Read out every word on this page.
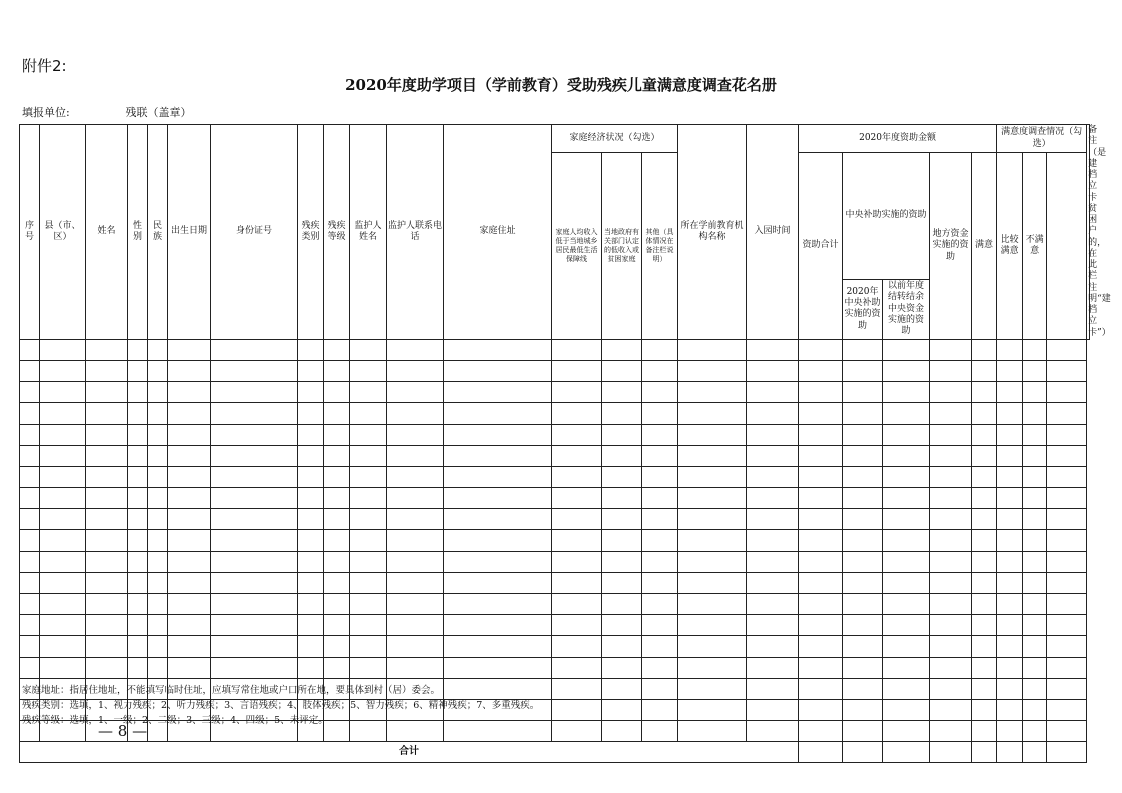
附件2:
2020年度助学项目（学前教育）受助残疾儿童满意度调查花名册
填报单位:	残联（盖章）
序号	县（市、区）	姓名	性别	民族	出生日期	身份证号	残疾类别	残疾等级	监护人姓名	监护人联系电话	家庭住址	家庭经济状况（勾选）			所在学前教育机构名称	入园时间	2020年度资助金额					满意度调查情况（勾选）			备注（是建档立卡贫困户的，在此栏注明“建档立卡”）
												家庭人均收入低于当地城乡居民最低生活保障线	当地政府有关部门认定的低收入或贫困家庭	其他（具体情况在备注栏说明）			资助合计	中央补助实施的资助		地方资金实施的资助	满意	比较满意	不满意		
																		2020年中央补助实施的资助	以前年度结转结余中央资金实施的资助						

合计																									
家庭地址：指居住地址，不能填写临时住址，应填写常住地或户口所在地，要具体到村（居）委会。
残疾类别：选填，1、视力残疾；2、听力残疾；3、言语残疾；4、肢体残疾；5、智力残疾；6、精神残疾；7、多重残疾。
残疾等级：选填，1、一级；2、二级；3、三级；4、四级；5、未评定。
— 8 —
